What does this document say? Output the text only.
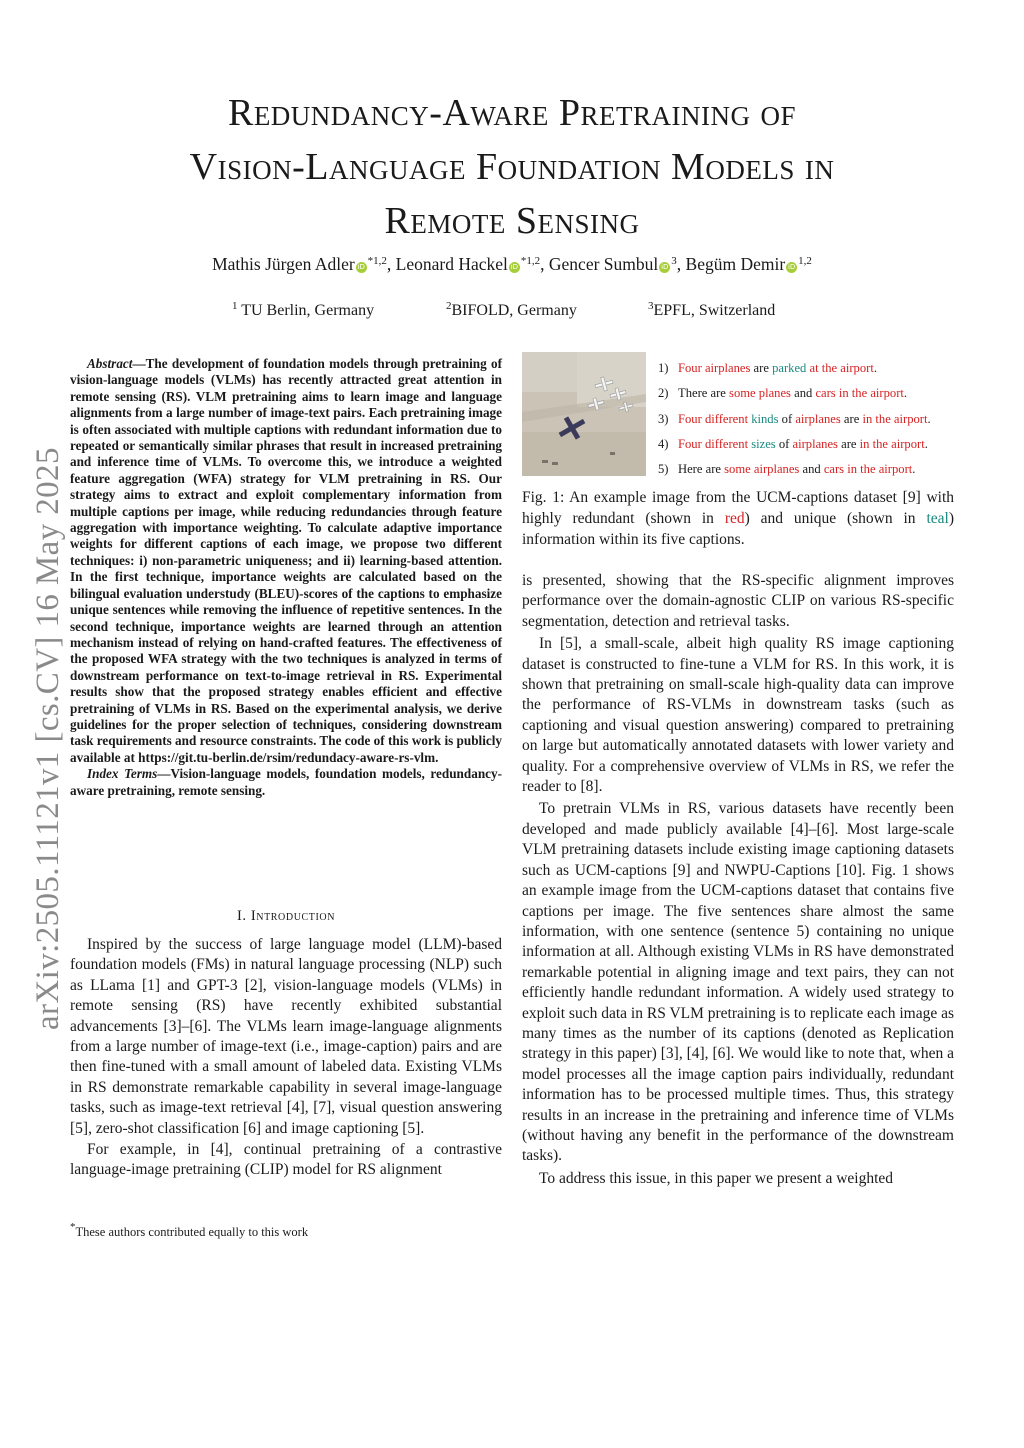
arXiv:2505.11121v1 [cs.CV] 16 May 2025
Redundancy-Aware Pretraining of
Vision-Language Foundation Models in
Remote Sensing
Mathis Jürgen Adler iD $^{*1,2}$, Leonard Hackel iD $^{*1,2}$, Gencer Sumbul iD $^3$, Begüm Demir iD $^{1,2}$
$^1$ TU Berlin, Germany	$^2$BIFOLD, Germany	$^3$EPFL, Switzerland

Abstract—The development of foundation models through pretraining of vision-language models (VLMs) has recently attracted great attention in remote sensing (RS). VLM pretraining aims to learn image and language alignments from a large number of image-text pairs. Each pretraining image is often associated with multiple captions with redundant information due to repeated or semantically similar phrases that result in increased pretraining and inference time of VLMs. To overcome this, we introduce a weighted feature aggregation (WFA) strategy for VLM pretraining in RS. Our strategy aims to extract and exploit complementary information from multiple captions per image, while reducing redundancies through feature aggregation with importance weighting. To calculate adaptive importance weights for different captions of each image, we propose two different techniques: i) non-parametric uniqueness; and ii) learning-based attention. In the first technique, importance weights are calculated based on the bilingual evaluation understudy (BLEU)-scores of the captions to emphasize unique sentences while removing the influence of repetitive sentences. In the second technique, importance weights are learned through an attention mechanism instead of relying on hand-crafted features. The effectiveness of the proposed WFA strategy with the two techniques is analyzed in terms of downstream performance on text-to-image retrieval in RS. Experimental results show that the proposed strategy enables efficient and effective pretraining of VLMs in RS. Based on the experimental analysis, we derive guidelines for the proper selection of techniques, considering downstream task requirements and resource constraints. The code of this work is publicly available at https://git.tu-berlin.de/rsim/redundacy-aware-rs-vlm.

Index Terms—Vision-language models, foundation models, redundancy-aware pretraining, remote sensing.

I. Introduction

Inspired by the success of large language model (LLM)-based foundation models (FMs) in natural language processing (NLP) such as LLama [1] and GPT-3 [2], vision-language models (VLMs) in remote sensing (RS) have recently exhibited substantial advancements [3]–[6]. The VLMs learn image-language alignments from a large number of image-text (i.e., image-caption) pairs and are then fine-tuned with a small amount of labeled data. Existing VLMs in RS demonstrate remarkable capability in several image-language tasks, such as image-text retrieval [4], [7], visual question answering [5], zero-shot classification [6] and image captioning [5].

For example, in [4], continual pretraining of a contrastive language-image pretraining (CLIP) model for RS alignment

*These authors contributed equally to this work
1) Four airplanes are parked at the airport.
2) There are some planes and cars in the airport.
3) Four different kinds of airplanes are in the airport.
4) Four different sizes of airplanes are in the airport.
5) Here are some airplanes and cars in the airport.
Fig. 1: An example image from the UCM-captions dataset [9] with highly redundant (shown in red) and unique (shown in teal) information within its five captions.

is presented, showing that the RS-specific alignment improves performance over the domain-agnostic CLIP on various RS-specific segmentation, detection and retrieval tasks.

In [5], a small-scale, albeit high quality RS image captioning dataset is constructed to fine-tune a VLM for RS. In this work, it is shown that pretraining on small-scale high-quality data can improve the performance of RS-VLMs in downstream tasks (such as captioning and visual question answering) compared to pretraining on large but automatically annotated datasets with lower variety and quality. For a comprehensive overview of VLMs in RS, we refer the reader to [8].

To pretrain VLMs in RS, various datasets have recently been developed and made publicly available [4]–[6]. Most large-scale VLM pretraining datasets include existing image captioning datasets such as UCM-captions [9] and NWPU-Captions [10]. Fig. 1 shows an example image from the UCM-captions dataset that contains five captions per image. The five sentences share almost the same information, with one sentence (sentence 5) containing no unique information at all. Although existing VLMs in RS have demonstrated remarkable potential in aligning image and text pairs, they can not efficiently handle redundant information. A widely used strategy to exploit such data in RS VLM pretraining is to replicate each image as many times as the number of its captions (denoted as Replication strategy in this paper) [3], [4], [6]. We would like to note that, when a model processes all the image caption pairs individually, redundant information has to be processed multiple times. Thus, this strategy results in an increase in the pretraining and inference time of VLMs (without having any benefit in the performance of the downstream tasks).

To address this issue, in this paper we present a weighted
